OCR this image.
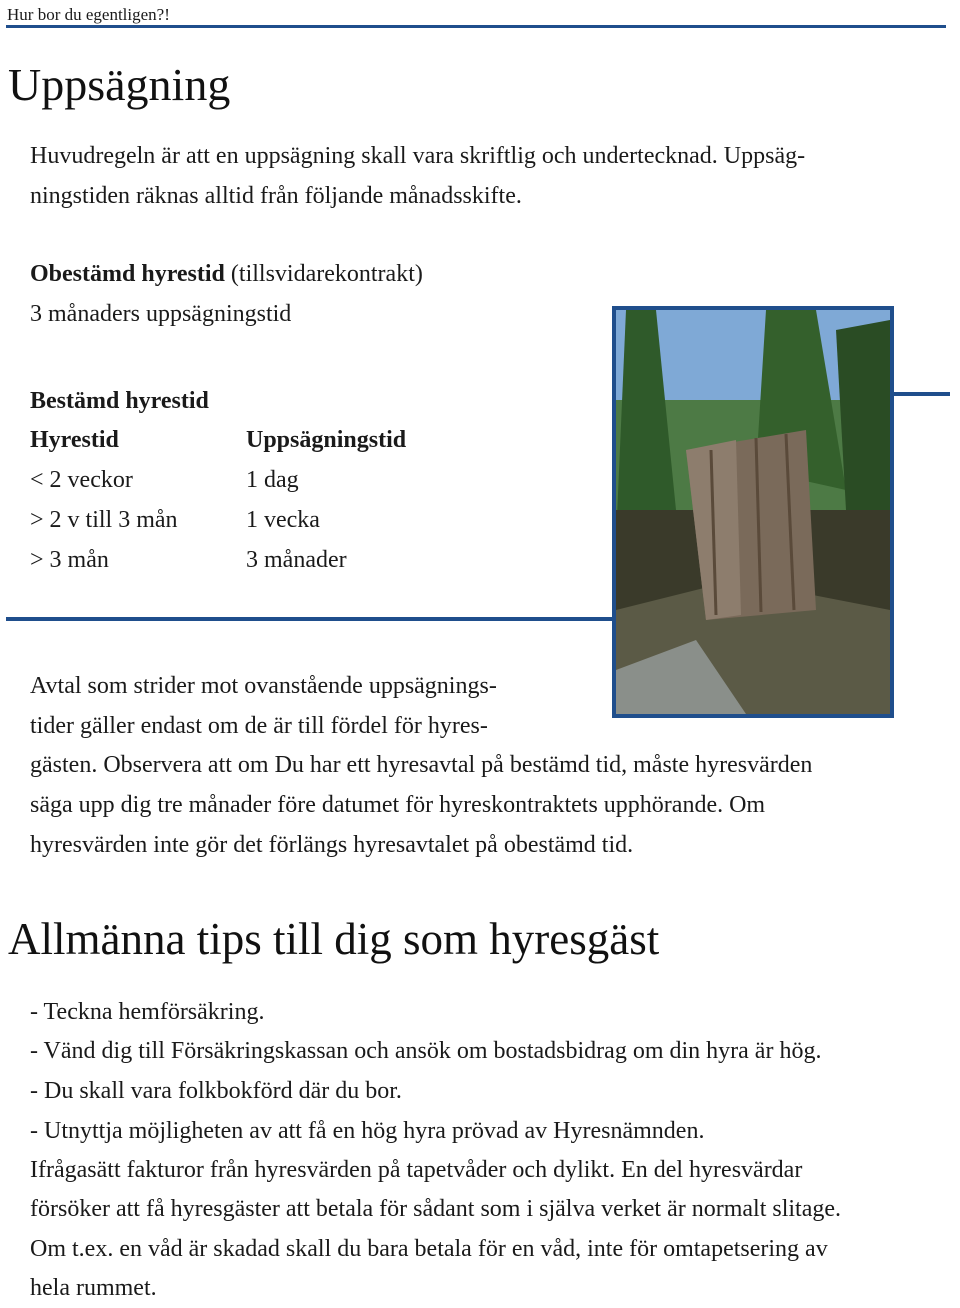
Hur bor du egentligen?!
Uppsägning

Huvudregeln är att en uppsägning skall vara skriftlig och undertecknad. Uppsäg-

ningstiden räknas alltid från följande månadsskifte.

Obestämd hyrestid (tillsvidarekontrakt)

3 månaders uppsägningstid

Bestämd hyrestid

Hyrestid	Uppsägningstid

< 2 veckor	1 dag

> 2 v till 3 mån	1 vecka

> 3 mån	3 månader

Avtal som strider mot ovanstående uppsägnings-

tider gäller endast om de är till fördel för hyres-

gästen. Observera att om Du har ett hyresavtal på bestämd tid, måste hyresvärden

säga upp dig tre månader före datumet för hyreskontraktets upphörande. Om

hyresvärden inte gör det förlängs hyresavtalet på obestämd tid.

Allmänna tips till dig som hyresgäst

- Teckna hemförsäkring.

- Vänd dig till Försäkringskassan och ansök om bostadsbidrag om din hyra är hög.

- Du skall vara folkbokförd där du bor.

- Utnyttja möjligheten av att få en hög hyra prövad av Hyresnämnden.

Ifrågasätt fakturor från hyresvärden på tapetvåder och dylikt. En del hyresvärdar

försöker att få hyresgäster att betala för sådant som i själva verket är normalt slitage.

Om t.ex. en våd är skadad skall du bara betala för en våd, inte för omtapetsering av

hela rummet.
